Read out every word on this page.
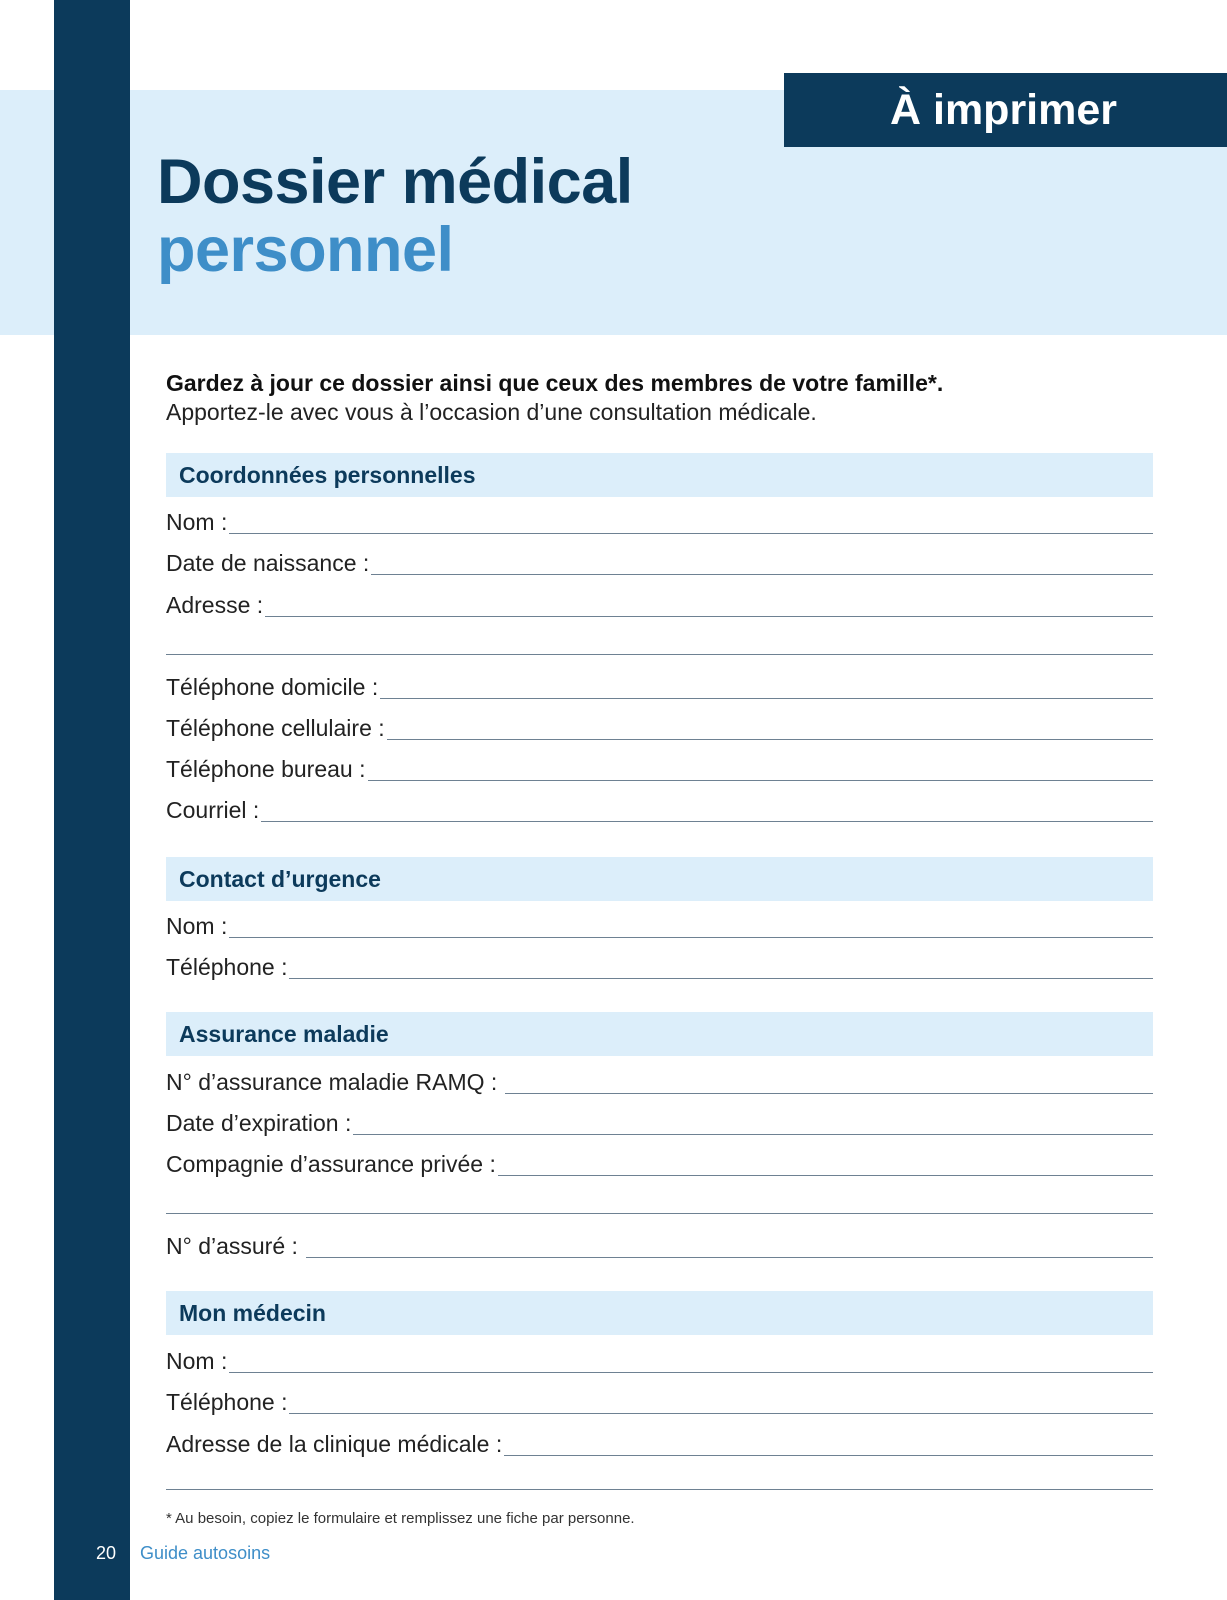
À imprimer
Dossier médical
personnel
Gardez à jour ce dossier ainsi que ceux des membres de votre famille*.
Apportez-le avec vous à l’occasion d’une consultation médicale.
Coordonnées personnelles
Nom :
Date de naissance :
Adresse :
Téléphone domicile :
Téléphone cellulaire :
Téléphone bureau :
Courriel :
Contact d’urgence
Nom :
Téléphone :
Assurance maladie
N° d’assurance maladie RAMQ :
Date d’expiration :
Compagnie d’assurance privée :
N° d’assuré :
Mon médecin
Nom :
Téléphone :
Adresse de la clinique médicale :
* Au besoin, copiez le formulaire et remplissez une fiche par personne.
20 Guide autosoins
